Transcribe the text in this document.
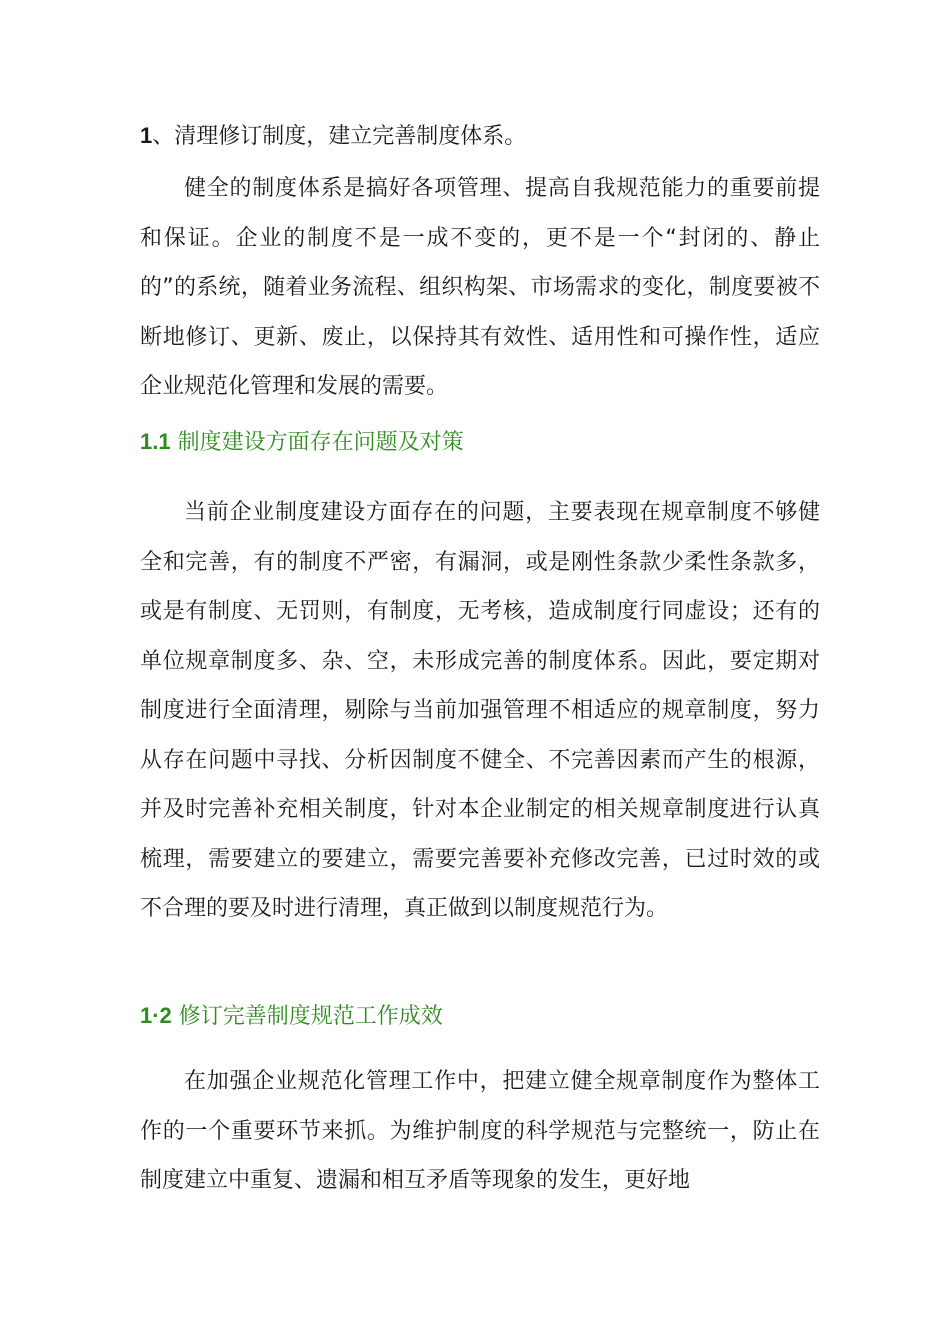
1、清理修订制度，建立完善制度体系。

健全的制度体系是搞好各项管理、提高自我规范能力的重要前提和保证。企业的制度不是一成不变的，更不是一个“封闭的、静止的”的系统，随着业务流程、组织构架、市场需求的变化，制度要被不断地修订、更新、废止，以保持其有效性、适用性和可操作性，适应企业规范化管理和发展的需要。

1.1 制度建设方面存在问题及对策

当前企业制度建设方面存在的问题，主要表现在规章制度不够健全和完善，有的制度不严密，有漏洞，或是刚性条款少柔性条款多，或是有制度、无罚则，有制度，无考核，造成制度行同虚设；还有的单位规章制度多、杂、空，未形成完善的制度体系。因此，要定期对制度进行全面清理，剔除与当前加强管理不相适应的规章制度，努力从存在问题中寻找、分析因制度不健全、不完善因素而产生的根源，并及时完善补充相关制度，针对本企业制定的相关规章制度进行认真梳理，需要建立的要建立，需要完善要补充修改完善，已过时效的或不合理的要及时进行清理，真正做到以制度规范行为。

1·2 修订完善制度规范工作成效

在加强企业规范化管理工作中，把建立健全规章制度作为整体工作的一个重要环节来抓。为维护制度的科学规范与完整统一，防止在制度建立中重复、遗漏和相互矛盾等现象的发生，更好地
